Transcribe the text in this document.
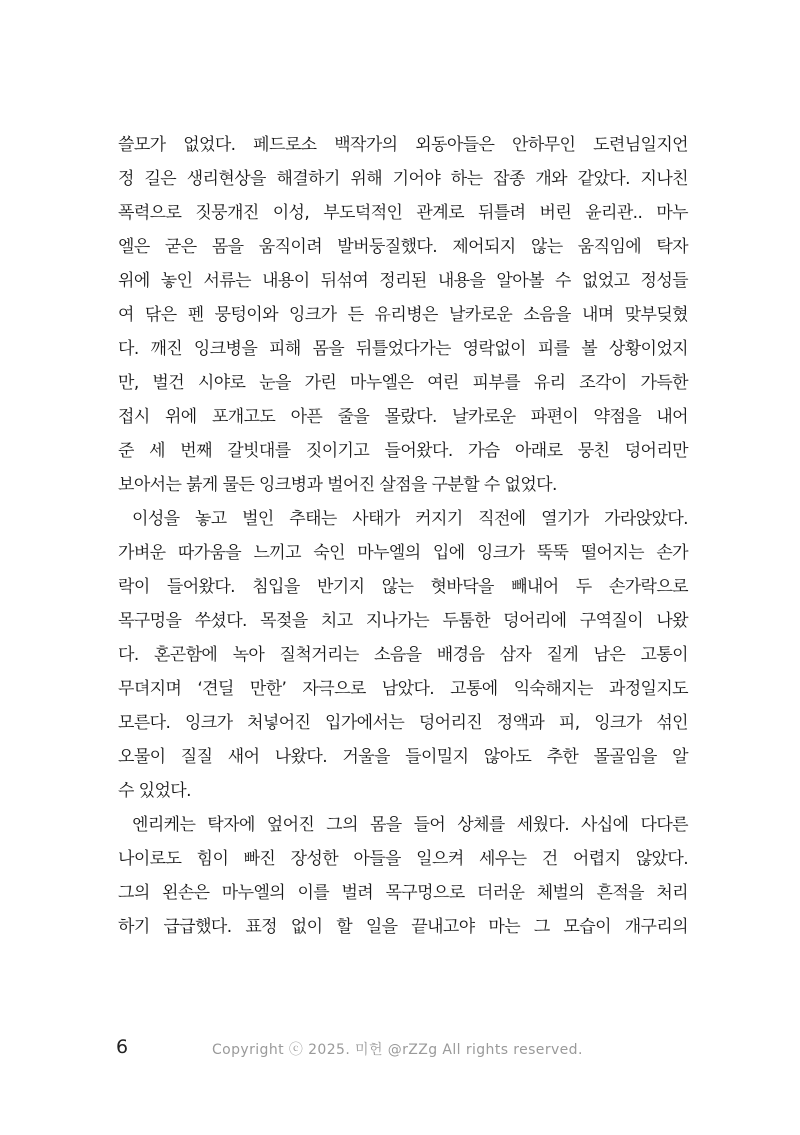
쓸모가 없었다. 페드로소 백작가의 외동아들은 안하무인 도련님일지언
정 길은 생리현상을 해결하기 위해 기어야 하는 잡종 개와 같았다. 지나친
폭력으로 짓뭉개진 이성, 부도덕적인 관계로 뒤틀려 버린 윤리관.. 마누
엘은 굳은 몸을 움직이려 발버둥질했다. 제어되지 않는 움직임에 탁자
위에 놓인 서류는 내용이 뒤섞여 정리된 내용을 알아볼 수 없었고 정성들
여 닦은 펜 뭉텅이와 잉크가 든 유리병은 날카로운 소음을 내며 맞부딪혔
다. 깨진 잉크병을 피해 몸을 뒤틀었다가는 영락없이 피를 볼 상황이었지
만, 벌건 시야로 눈을 가린 마누엘은 여린 피부를 유리 조각이 가득한
접시 위에 포개고도 아픈 줄을 몰랐다. 날카로운 파편이 약점을 내어
준 세 번째 갈빗대를 짓이기고 들어왔다. 가슴 아래로 뭉친 덩어리만
보아서는 붉게 물든 잉크병과 벌어진 살점을 구분할 수 없었다.
이성을 놓고 벌인 추태는 사태가 커지기 직전에 열기가 가라앉았다.
가벼운 따가움을 느끼고 숙인 마누엘의 입에 잉크가 뚝뚝 떨어지는 손가
락이 들어왔다. 침입을 반기지 않는 혓바닥을 빼내어 두 손가락으로
목구멍을 쑤셨다. 목젖을 치고 지나가는 두툼한 덩어리에 구역질이 나왔
다. 혼곤함에 녹아 질척거리는 소음을 배경음 삼자 짙게 남은 고통이
무뎌지며 ‘견딜 만한’ 자극으로 남았다. 고통에 익숙해지는 과정일지도
모른다. 잉크가 처넣어진 입가에서는 덩어리진 정액과 피, 잉크가 섞인
오물이 질질 새어 나왔다. 거울을 들이밀지 않아도 추한 몰골임을 알
수 있었다.
엔리케는 탁자에 엎어진 그의 몸을 들어 상체를 세웠다. 사십에 다다른
나이로도 힘이 빠진 장성한 아들을 일으켜 세우는 건 어렵지 않았다.
그의 왼손은 마누엘의 이를 벌려 목구멍으로 더러운 체벌의 흔적을 처리
하기 급급했다. 표정 없이 할 일을 끝내고야 마는 그 모습이 개구리의
6	Copyright ⓒ 2025. 미헌 @rZZg All rights reserved.
